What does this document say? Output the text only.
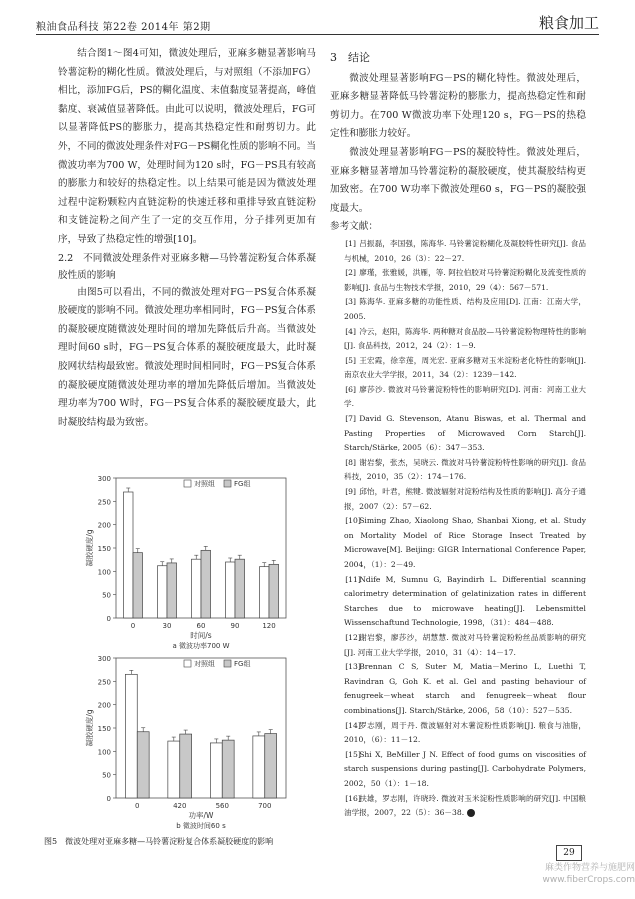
粮油食品科技 第22卷 2014年 第2期	粮食加工

结合图1～图4可知，微波处理后，亚麻多糖显著影响马铃薯淀粉的糊化性质。微波处理后，与对照组（不添加FG）相比，添加FG后，PS的糊化温度、末值黏度显著提高，峰值黏度、衰减值显著降低。由此可以说明，微波处理后，FG可以显著降低PS的膨胀力，提高其热稳定性和耐剪切力。此外，不同的微波处理条件对FG－PS糊化性质的影响不同。当微波功率为700 W，处理时间为120 s时，FG－PS具有较高的膨胀力和较好的热稳定性。以上结果可能是因为微波处理过程中淀粉颗粒内直链淀粉的快速迁移和重排导致直链淀粉和支链淀粉之间产生了一定的交互作用，分子排列更加有序，导致了热稳定性的增强[10]。

2.2　不同微波处理条件对亚麻多糖—马铃薯淀粉复合体系凝胶性质的影响

由图5可以看出，不同的微波处理对FG－PS复合体系凝胶硬度的影响不同。微波处理功率相同时，FG－PS复合体系的凝胶硬度随微波处理时间的增加先降低后升高。当微波处理时间60 s时，FG－PS复合体系的凝胶硬度最大，此时凝胶网状结构最致密。微波处理时间相同时，FG－PS复合体系的凝胶硬度随微波处理功率的增加先降低后增加。当微波处理功率为700 W时，FG－PS复合体系的凝胶硬度最大，此时凝胶结构最为致密。

0
50
100
150
200
250
300
凝胶硬度/g
对照组	FG组
0	30	60	90	120
时间/s
a 微波功率700 W
0
50
100
150
200
250
300
凝胶硬度/g
对照组	FG组
0	420	560	700
功率/W
b 微波时间60 s
图5　微波处理对亚麻多糖—马铃薯淀粉复合体系凝胶硬度的影响
3　结论

微波处理显著影响FG－PS的糊化特性。微波处理后，亚麻多糖显著降低马铃薯淀粉的膨胀力，提高热稳定性和耐剪切力。在700 W微波功率下处理120 s，FG－PS的热稳定性和膨胀力较好。

微波处理显著影响FG－PS的凝胶特性。微波处理后，亚麻多糖显著增加马铃薯淀粉的凝胶硬度，使其凝胶结构更加致密。在700 W功率下微波处理60 s，FG－PS的凝胶强度最大。

参考文献：

[1] 吕振磊，李国强，陈海华. 马铃薯淀粉糊化及凝胶特性研究[J]. 食品与机械，2010，26（3）：22－27.

[2] 廖瑾，张雅媛，洪雁，等. 阿拉伯胶对马铃薯淀粉糊化及流变性质的影响[J]. 食品与生物技术学报，2010，29（4）：567－571.

[3] 陈海华. 亚麻多糖的功能性质、结构及应用[D]. 江南：江南大学，2005.

[4] 冷云，赵阳，陈海华. 两种糖对食品胶—马铃薯淀粉物理特性的影响[J]. 食品科技，2012，24（2）：1－9.

[5] 王宏霞，徐幸莲，周光宏. 亚麻多糖对玉米淀粉老化特性的影响[J]. 南京农业大学学报，2011，34（2）：1239－142.

[6] 廖莎沙. 微波对马铃薯淀粉特性的影响研究[D]. 河南：河南工业大学.

[7] David G. Stevenson, Atanu Biswas, et al. Thermal and Pasting Properties of Microwaved Corn Starch[J]. Starch/Stärke, 2005（6）：347－353.

[8] 谢岩黎，张杰，吴晓云. 微波对马铃薯淀粉特性影响的研究[J]. 食品科技，2010，35（2）：174－176.

[9] 邱怡，叶君，熊犍. 微波辐射对淀粉结构及性质的影响[J]. 高分子通报，2007（2）：57－62.

[10]
Siming Zhao, Xiaolong Shao, Shanbai Xiong, et al. Study on Mortality Model of Rice Storage Insect Treated by Microwave[M]. Beijing: GIGR International Conference Paper, 2004，（1）：2－49.

[11]
Ndife M, Sumnu G, Bayindirh L. Differential scanning calorimetry determination of gelatinization rates in different Starches due to microwave heating[J]. Lebensmittel Wissenschaftund Technologie, 1998，（31）：484－488.

[12]
谢岩黎，廖莎沙，胡慧慧. 微波对马铃薯淀粉粉丝品质影响的研究[J]. 河南工业大学学报，2010，31（4）：14－17.

[13]
Brennan C S, Suter M, Matia－Merino L, Luethi T, Ravindran G, Goh K. et al. Gel and pasting behaviour of fenugreek－wheat starch and fenugreek－wheat flour combinations[J]. Starch/Stärke, 2006，58（10）：527－535.

[14]
罗志刚，周于丹. 微波辐射对木薯淀粉性质影响[J]. 粮食与油脂，2010，（6）：11－12.

[15]
Shi X, BeMiller J N. Effect of food gums on viscosities of starch suspensions during pasting[J]. Carbohydrate Polymers, 2002，50（1）：1－18.

[16]
扶雄，罗志刚，许晓玲. 微波对玉米淀粉性质影响的研究[J]. 中国粮油学报，2007，22（5）：36－38.

29
麻类作物营养与施肥网 www.fiberCrops.com
